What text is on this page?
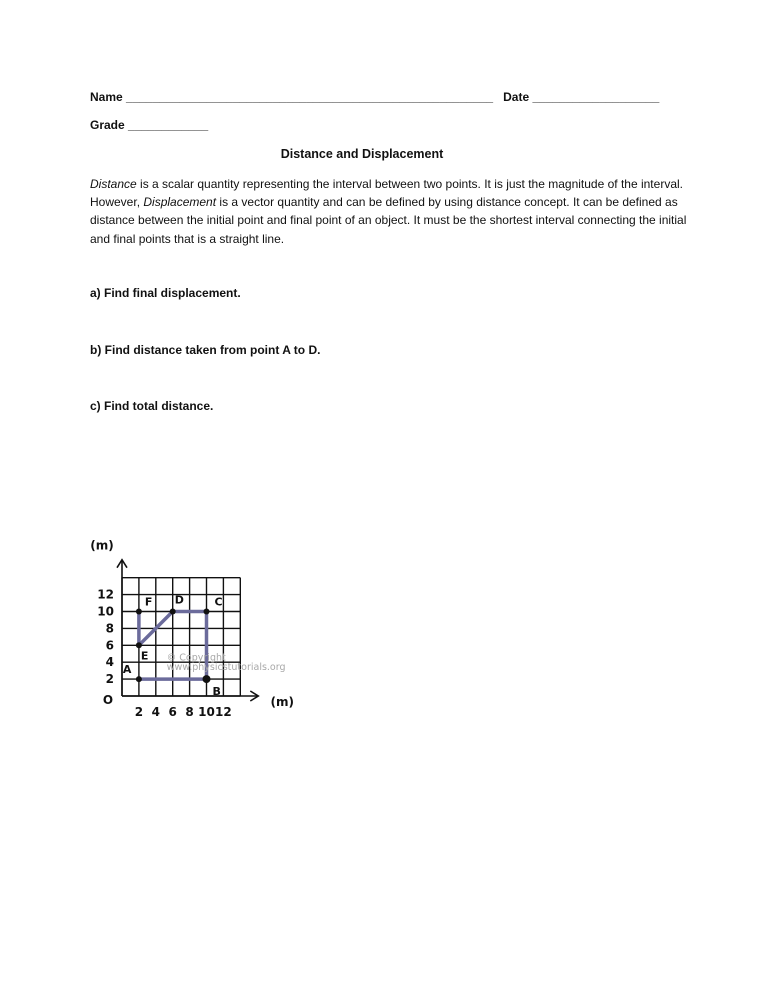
Name _______________________________________________________ Date ___________________
Grade ____________
Distance and Displacement
Distance is a scalar quantity representing the interval between two points. It is just the magnitude of the interval. However, Displacement is a vector quantity and can be defined by using distance concept. It can be defined as distance between the initial point and final point of an object. It must be the shortest interval connecting the initial and final points that is a straight line.
a) Find final displacement.
b) Find distance taken from point A to D.
c) Find total distance.
2 4 6 8 10 12
2
4
6
8
10
12
O	(m)
(m)
A
B
C
D
E
F
© Copyright
www.physicstutorials.org
